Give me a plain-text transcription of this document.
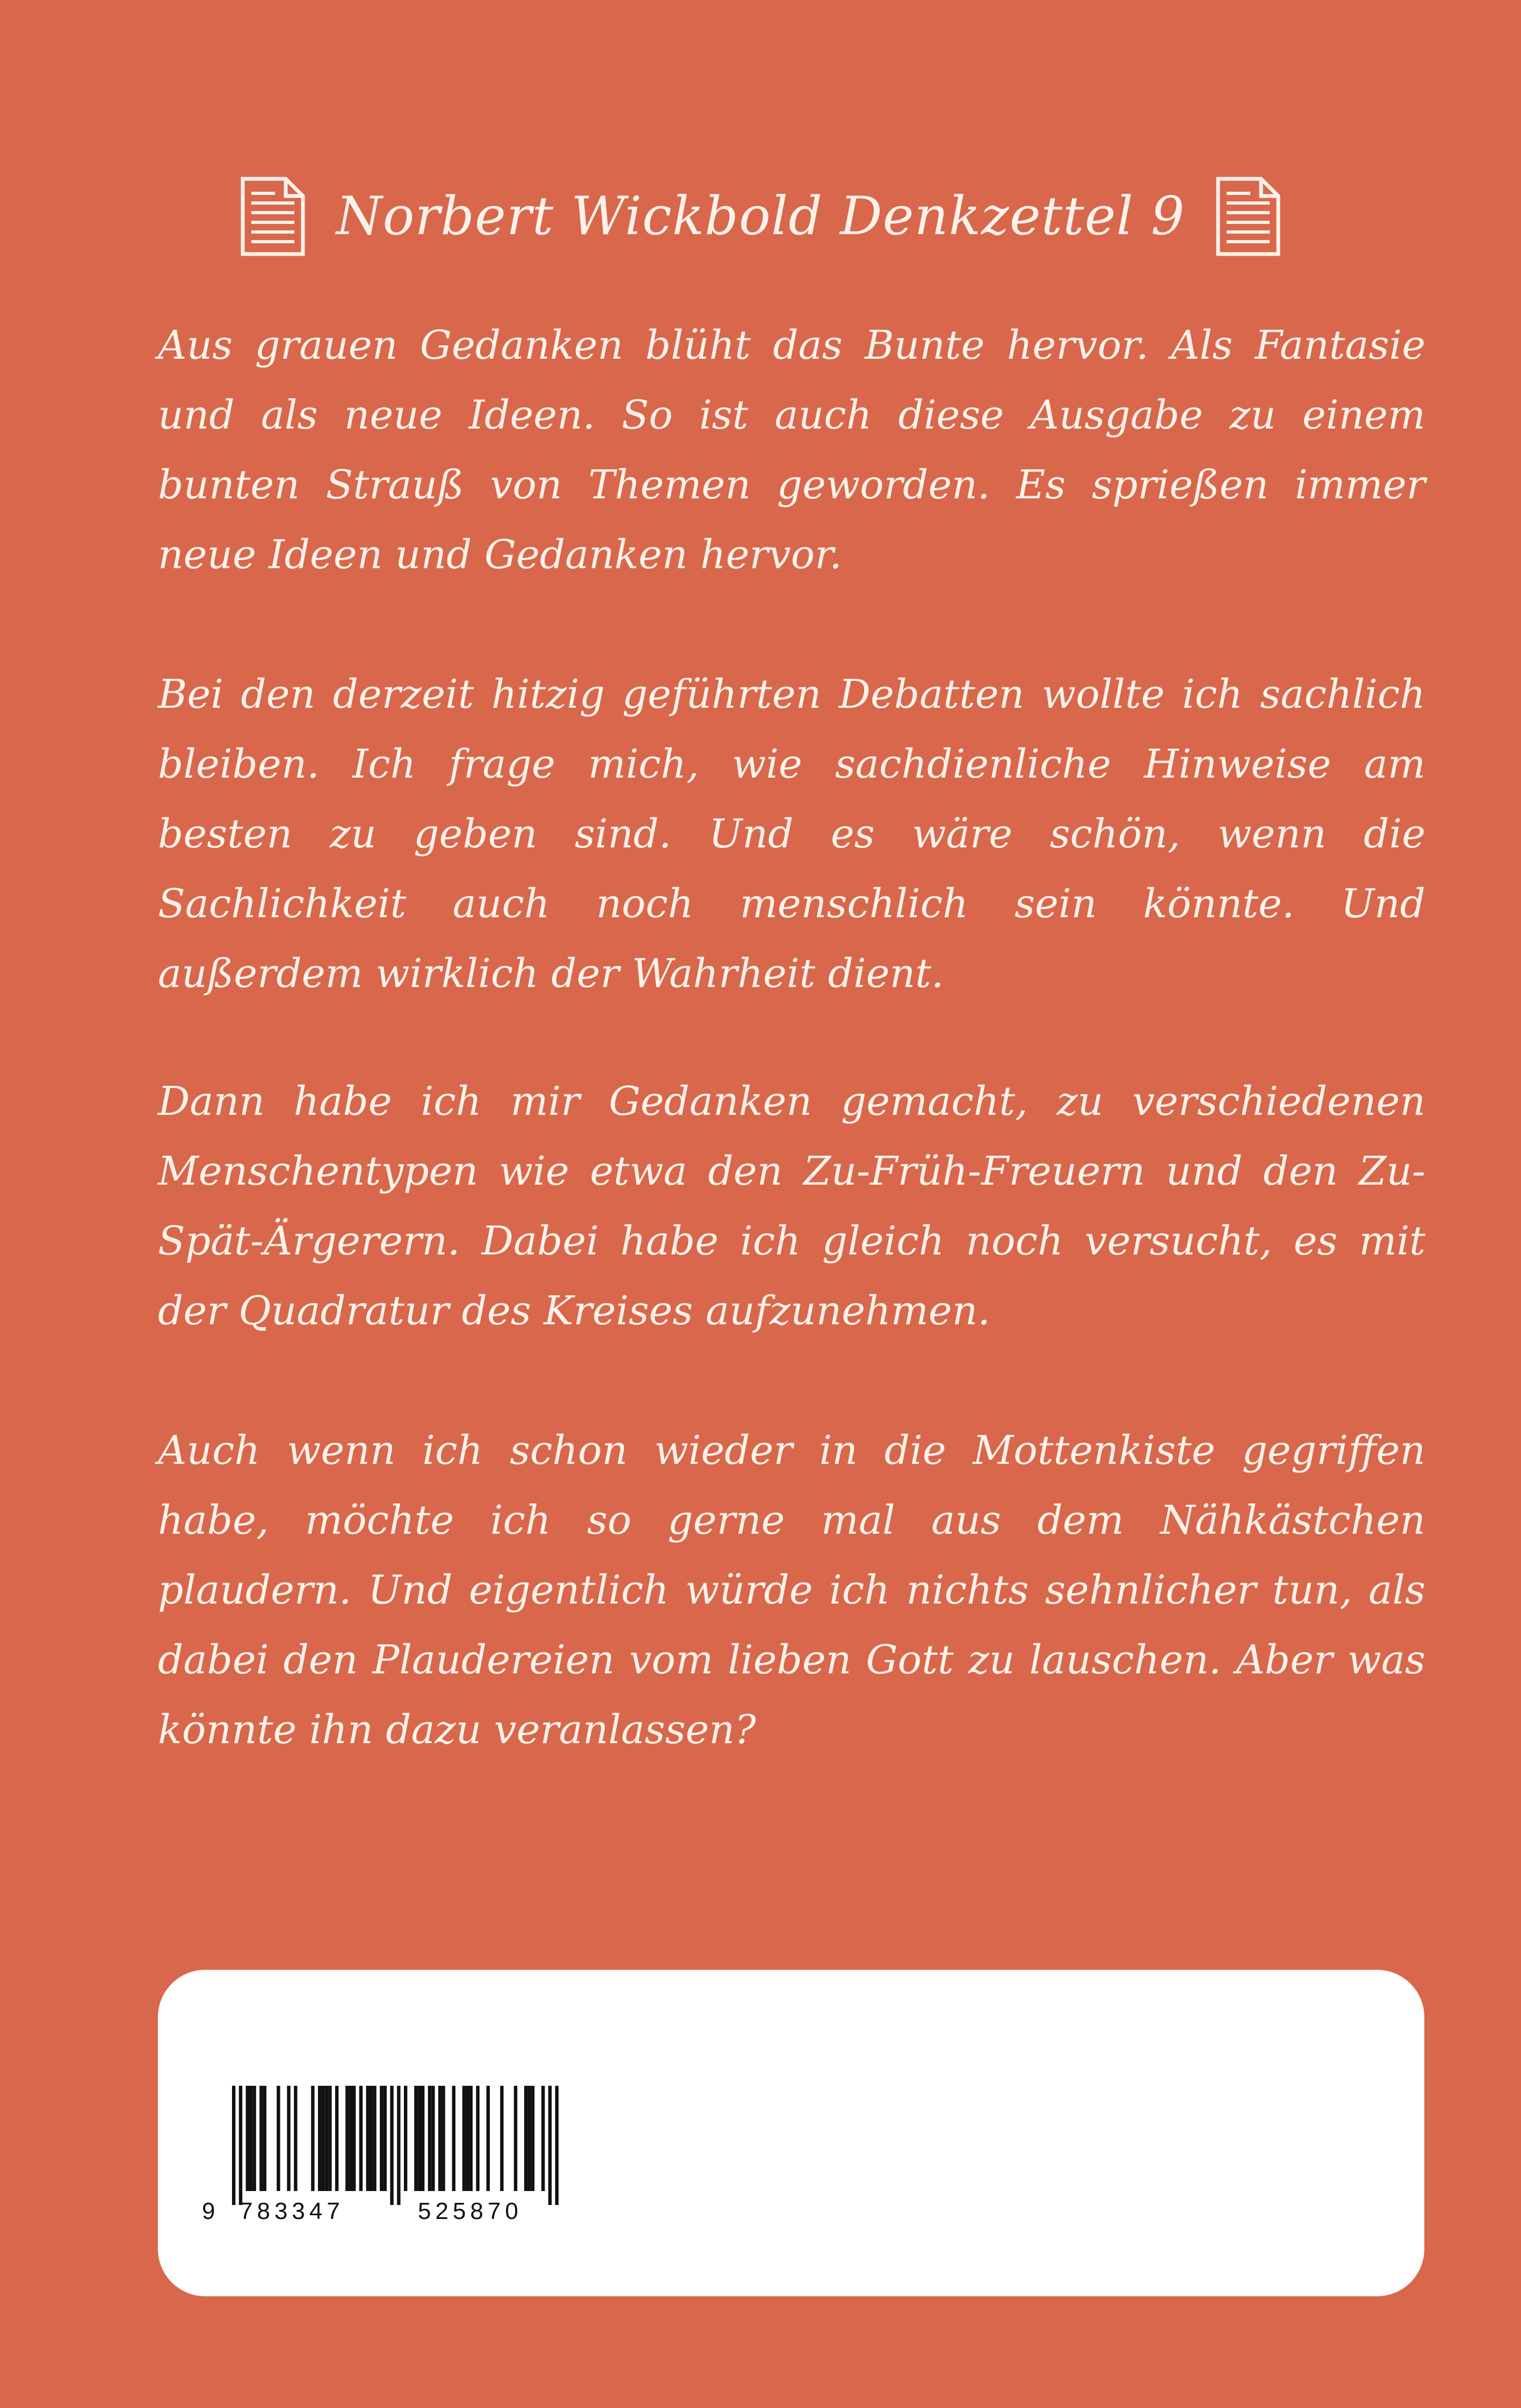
Norbert Wickbold Denkzettel 9

Aus grauen Gedanken blüht das Bunte hervor. Als Fantasie und als neue Ideen. So ist auch diese Ausgabe zu einem bunten Strauß von Themen geworden. Es sprießen immer neue Ideen und Gedanken hervor.

Bei den derzeit hitzig geführten Debatten wollte ich sachlich bleiben. Ich frage mich, wie sachdienliche Hinweise am besten zu geben sind. Und es wäre schön, wenn die Sachlichkeit auch noch menschlich sein könnte. Und außerdem wirklich der Wahrheit dient.

Dann habe ich mir Gedanken gemacht, zu verschiedenen Menschentypen wie etwa den Zu-Früh-Freuern und den Zu-Spät-Ärgerern. Dabei habe ich gleich noch versucht, es mit der Quadratur des Kreises aufzunehmen.

Auch wenn ich schon wieder in die Mottenkiste gegriffen habe, möchte ich so gerne mal aus dem Nähkästchen plaudern. Und eigentlich würde ich nichts sehnlicher tun, als dabei den Plaudereien vom lieben Gott zu lauschen. Aber was könnte ihn dazu veranlassen?

9 783347	525870
